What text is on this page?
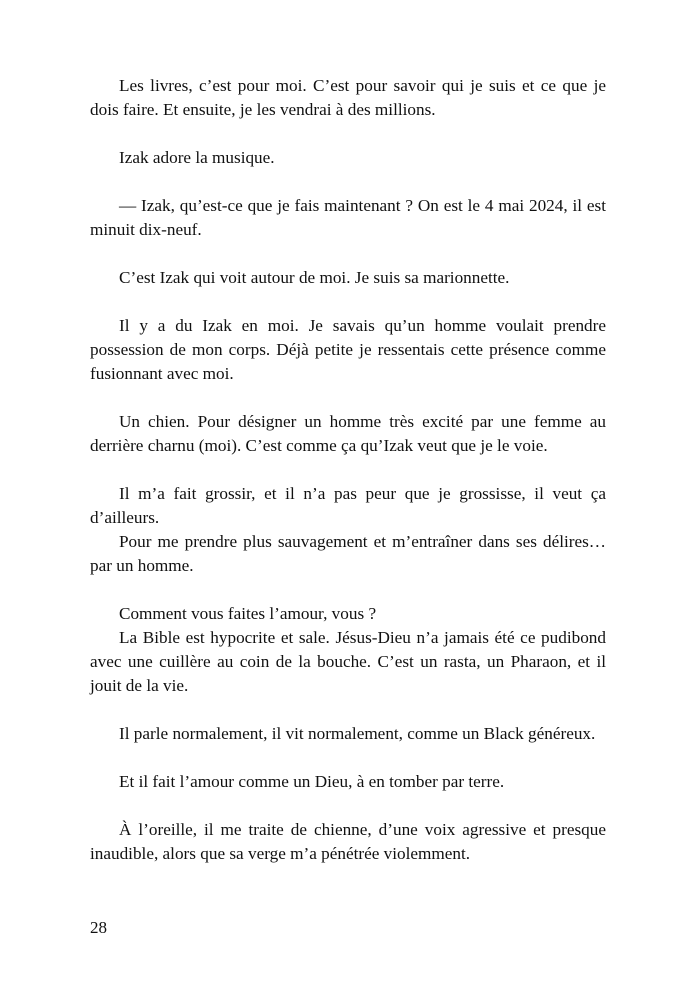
Les livres, c’est pour moi. C’est pour savoir qui je suis et ce que je dois faire. Et ensuite, je les vendrai à des millions.

Izak adore la musique.

— Izak, qu’est-ce que je fais maintenant ? On est le 4 mai 2024, il est minuit dix-neuf.

C’est Izak qui voit autour de moi. Je suis sa marionnette.

Il y a du Izak en moi. Je savais qu’un homme voulait prendre possession de mon corps. Déjà petite je ressentais cette présence comme fusionnant avec moi.

Un chien. Pour désigner un homme très excité par une femme au derrière charnu (moi). C’est comme ça qu’Izak veut que je le voie.

Il m’a fait grossir, et il n’a pas peur que je grossisse, il veut ça d’ailleurs.

Pour me prendre plus sauvagement et m’entraîner dans ses délires… par un homme.

Comment vous faites l’amour, vous ?

La Bible est hypocrite et sale. Jésus-Dieu n’a jamais été ce pudibond avec une cuillère au coin de la bouche. C’est un rasta, un Pharaon, et il jouit de la vie.

Il parle normalement, il vit normalement, comme un Black généreux.

Et il fait l’amour comme un Dieu, à en tomber par terre.

À l’oreille, il me traite de chienne, d’une voix agressive et presque inaudible, alors que sa verge m’a pénétrée violemment.

28
